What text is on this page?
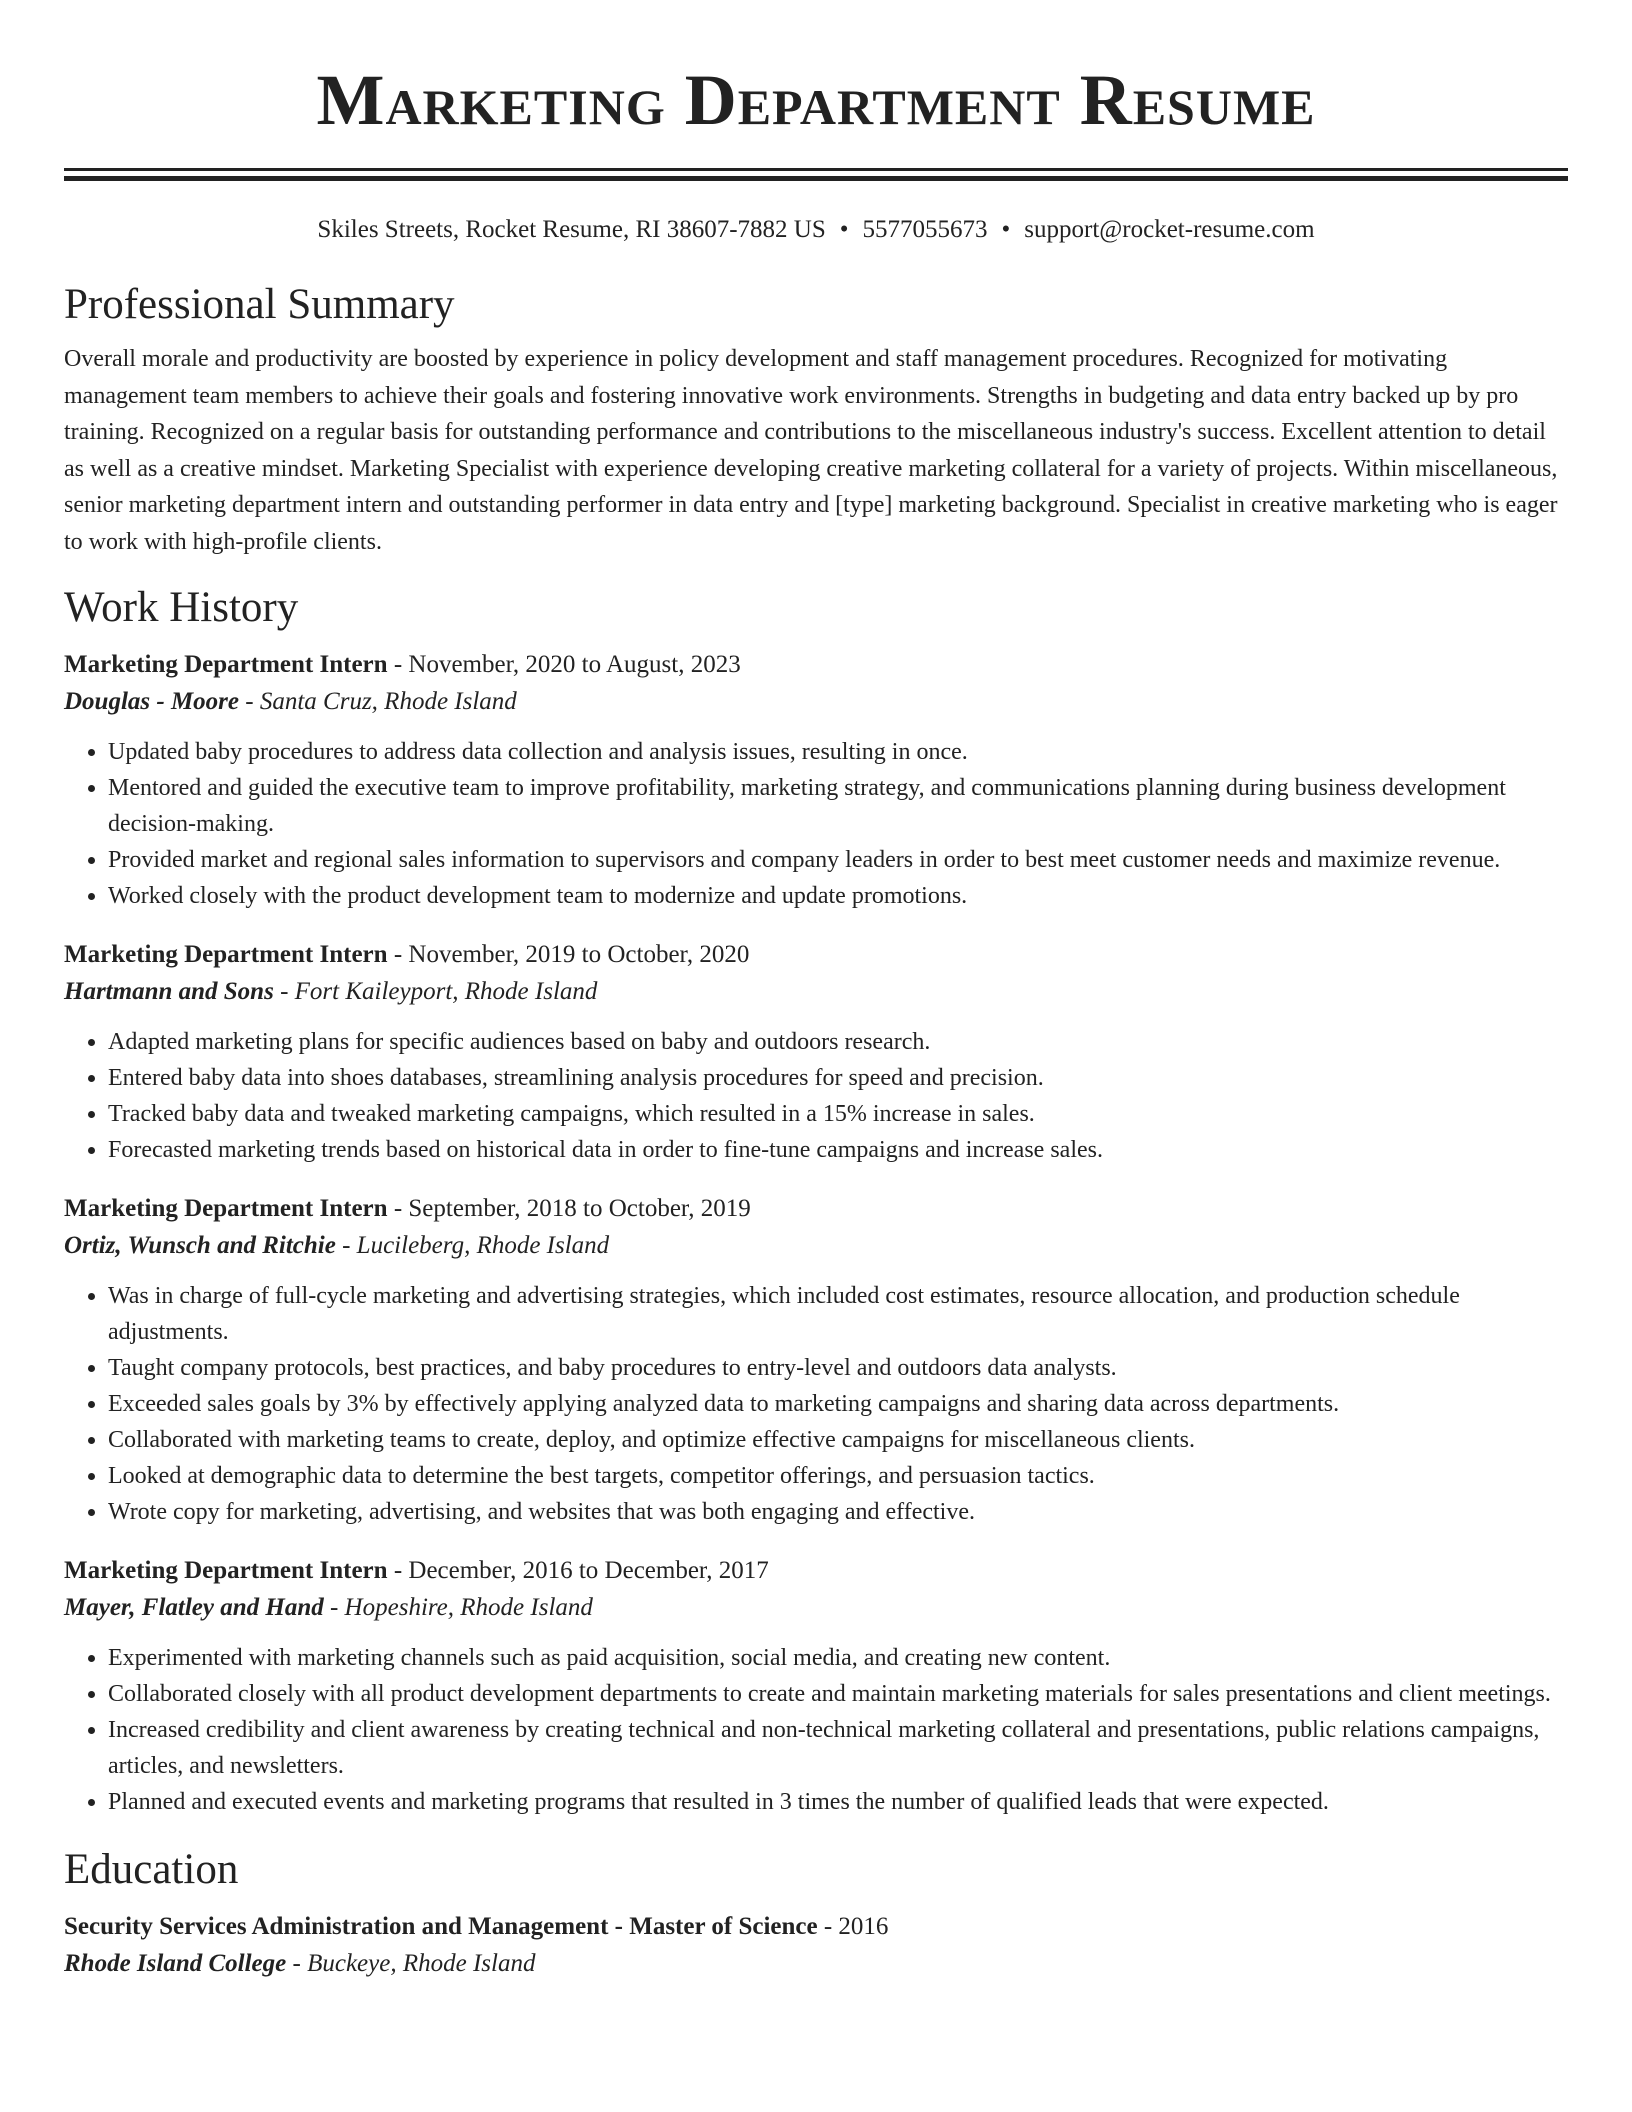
Marketing Department Resume
Skiles Streets, Rocket Resume, RI 38607-7882 US • 5577055673 • support@rocket-resume.com
Professional Summary
Overall morale and productivity are boosted by experience in policy development and staff management procedures. Recognized for motivating management team members to achieve their goals and fostering innovative work environments. Strengths in budgeting and data entry backed up by pro training. Recognized on a regular basis for outstanding performance and contributions to the miscellaneous industry's success. Excellent attention to detail as well as a creative mindset. Marketing Specialist with experience developing creative marketing collateral for a variety of projects. Within miscellaneous, senior marketing department intern and outstanding performer in data entry and [type] marketing background. Specialist in creative marketing who is eager to work with high-profile clients.
Work History
Marketing Department Intern - November, 2020 to August, 2023
Douglas - Moore - Santa Cruz, Rhode Island
• Updated baby procedures to address data collection and analysis issues, resulting in once.
• Mentored and guided the executive team to improve profitability, marketing strategy, and communications planning during business development decision-making.
• Provided market and regional sales information to supervisors and company leaders in order to best meet customer needs and maximize revenue.
• Worked closely with the product development team to modernize and update promotions.
Marketing Department Intern - November, 2019 to October, 2020
Hartmann and Sons - Fort Kaileyport, Rhode Island
• Adapted marketing plans for specific audiences based on baby and outdoors research.
• Entered baby data into shoes databases, streamlining analysis procedures for speed and precision.
• Tracked baby data and tweaked marketing campaigns, which resulted in a 15% increase in sales.
• Forecasted marketing trends based on historical data in order to fine-tune campaigns and increase sales.
Marketing Department Intern - September, 2018 to October, 2019
Ortiz, Wunsch and Ritchie - Lucileberg, Rhode Island
• Was in charge of full-cycle marketing and advertising strategies, which included cost estimates, resource allocation, and production schedule adjustments.
• Taught company protocols, best practices, and baby procedures to entry-level and outdoors data analysts.
• Exceeded sales goals by 3% by effectively applying analyzed data to marketing campaigns and sharing data across departments.
• Collaborated with marketing teams to create, deploy, and optimize effective campaigns for miscellaneous clients.
• Looked at demographic data to determine the best targets, competitor offerings, and persuasion tactics.
• Wrote copy for marketing, advertising, and websites that was both engaging and effective.
Marketing Department Intern - December, 2016 to December, 2017
Mayer, Flatley and Hand - Hopeshire, Rhode Island
• Experimented with marketing channels such as paid acquisition, social media, and creating new content.
• Collaborated closely with all product development departments to create and maintain marketing materials for sales presentations and client meetings.
• Increased credibility and client awareness by creating technical and non-technical marketing collateral and presentations, public relations campaigns, articles, and newsletters.
• Planned and executed events and marketing programs that resulted in 3 times the number of qualified leads that were expected.
Education
Security Services Administration and Management - Master of Science - 2016
Rhode Island College - Buckeye, Rhode Island
